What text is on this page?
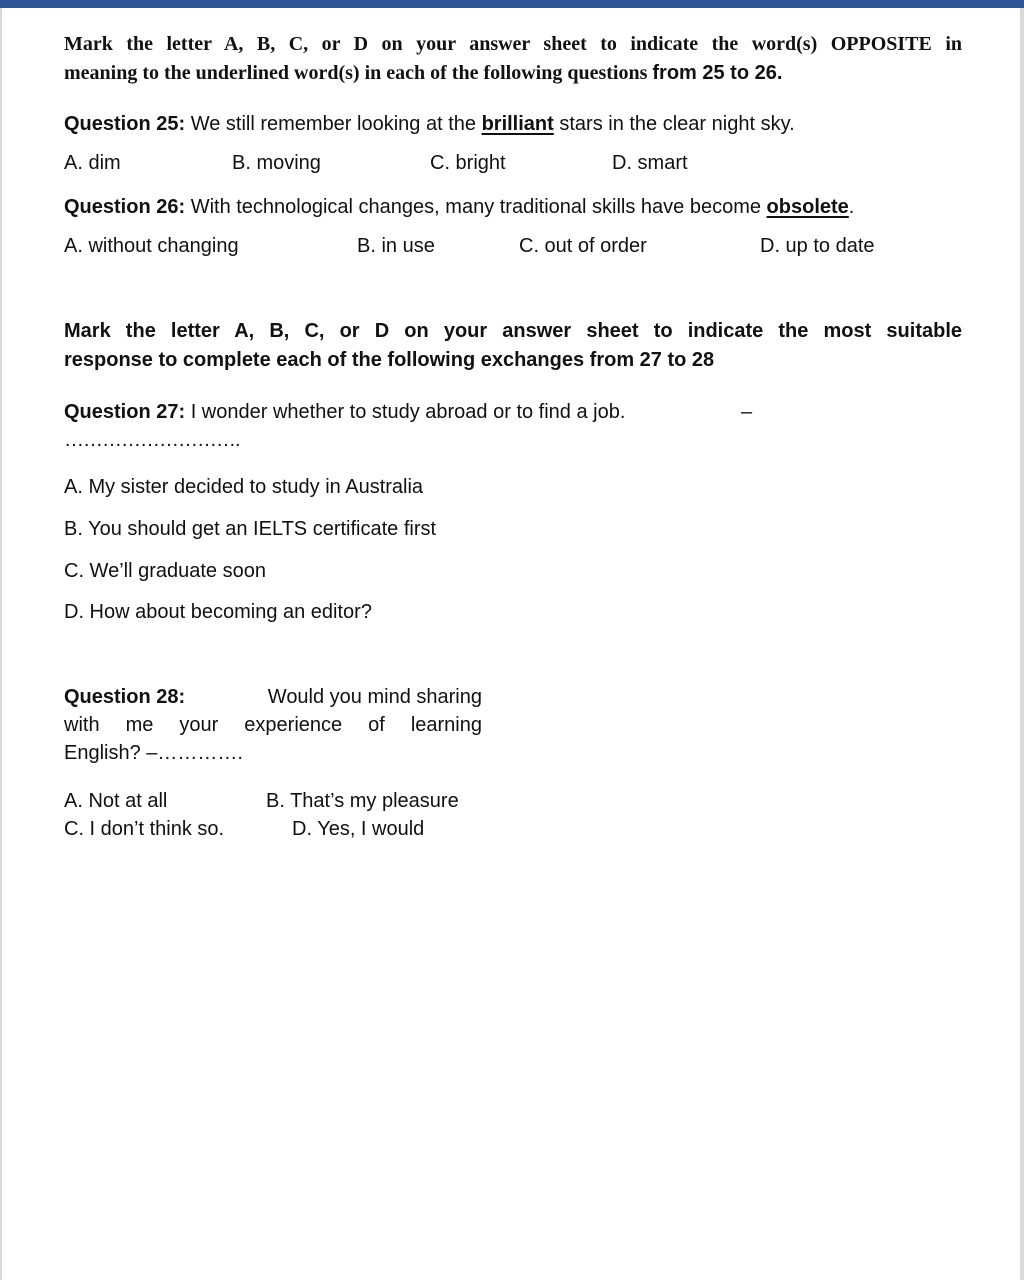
Mark the letter A, B, C, or D on your answer sheet to indicate the word(s) OPPOSITE in
meaning to the underlined word(s) in each of the following questions from 25 to 26.
Question 25: We still remember looking at the brilliant stars in the clear night sky.
A. dim	B. moving	C. bright	D. smart
Question 26: With technological changes, many traditional skills have become obsolete.
A. without changing	B. in use	C. out of order	D. up to date
Mark the letter A, B, C, or D on your answer sheet to indicate the most suitable
response to complete each of the following exchanges from 27 to 28
Question 27: I wonder whether to study abroad or to find a job.	–
……………………….
A. My sister decided to study in Australia
B. You should get an IELTS certificate first
C. We’ll graduate soon
D. How about becoming an editor?
Question 28:	Would you mind sharing
with me your experience of learning
English? –………….
A. Not at all	B. That’s my pleasure
C. I don’t think so.	D. Yes, I would
